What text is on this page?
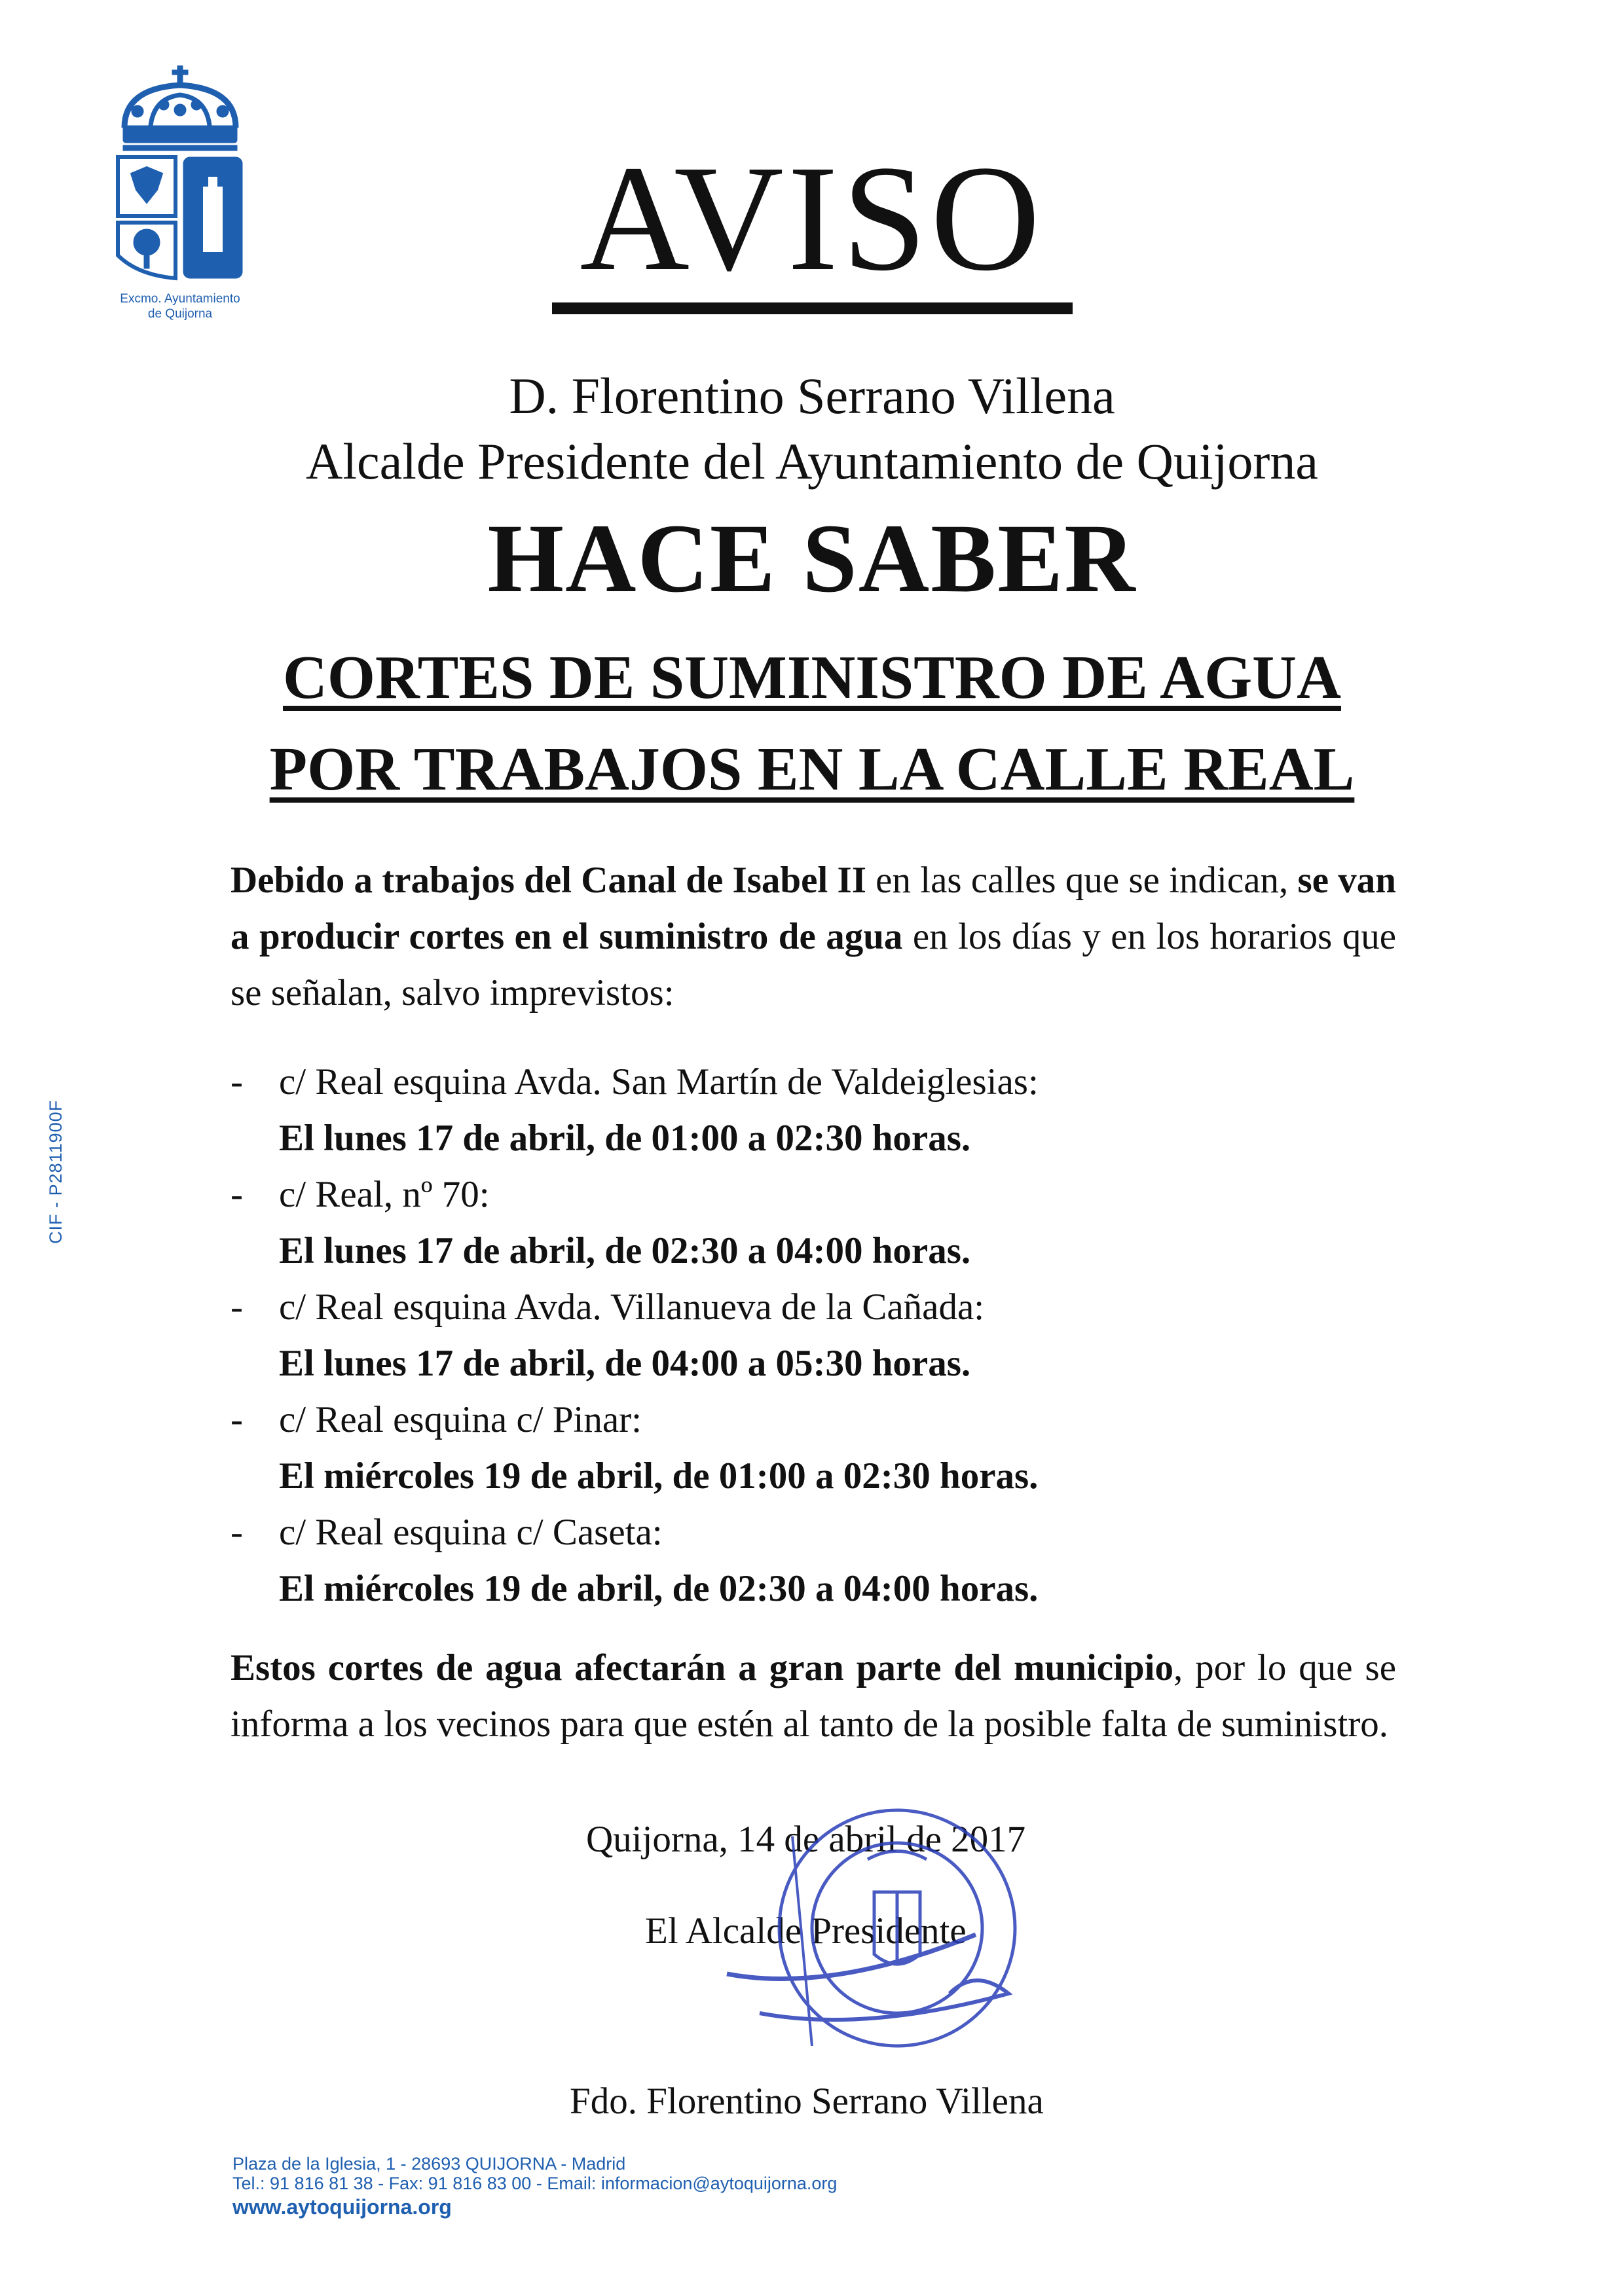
Excmo. Ayuntamiento
de Quijorna
CIF - P2811900F
AVISO
D. Florentino Serrano Villena
Alcalde Presidente del Ayuntamiento de Quijorna
HACE SABER
CORTES DE SUMINISTRO DE AGUA
POR TRABAJOS EN LA CALLE REAL
Debido a trabajos del Canal de Isabel II en las calles que se indican, se van a producir cortes en el suministro de agua en los días y en los horarios que se señalan, salvo imprevistos:
- c/ Real esquina Avda. San Martín de Valdeiglesias:
El lunes 17 de abril, de 01:00 a 02:30 horas.
- c/ Real, nº 70:
El lunes 17 de abril, de 02:30 a 04:00 horas.
- c/ Real esquina Avda. Villanueva de la Cañada:
El lunes 17 de abril, de 04:00 a 05:30 horas.
- c/ Real esquina c/ Pinar:
El miércoles 19 de abril, de 01:00 a 02:30 horas.
- c/ Real esquina c/ Caseta:
El miércoles 19 de abril, de 02:30 a 04:00 horas.
Estos cortes de agua afectarán a gran parte del municipio, por lo que se informa a los vecinos para que estén al tanto de la posible falta de suministro.
Quijorna, 14 de abril de 2017
El Alcalde Presidente
Fdo. Florentino Serrano Villena
Plaza de la Iglesia, 1 - 28693 QUIJORNA - Madrid
Tel.: 91 816 81 38 - Fax: 91 816 83 00 - Email: informacion@aytoquijorna.org
www.aytoquijorna.org
